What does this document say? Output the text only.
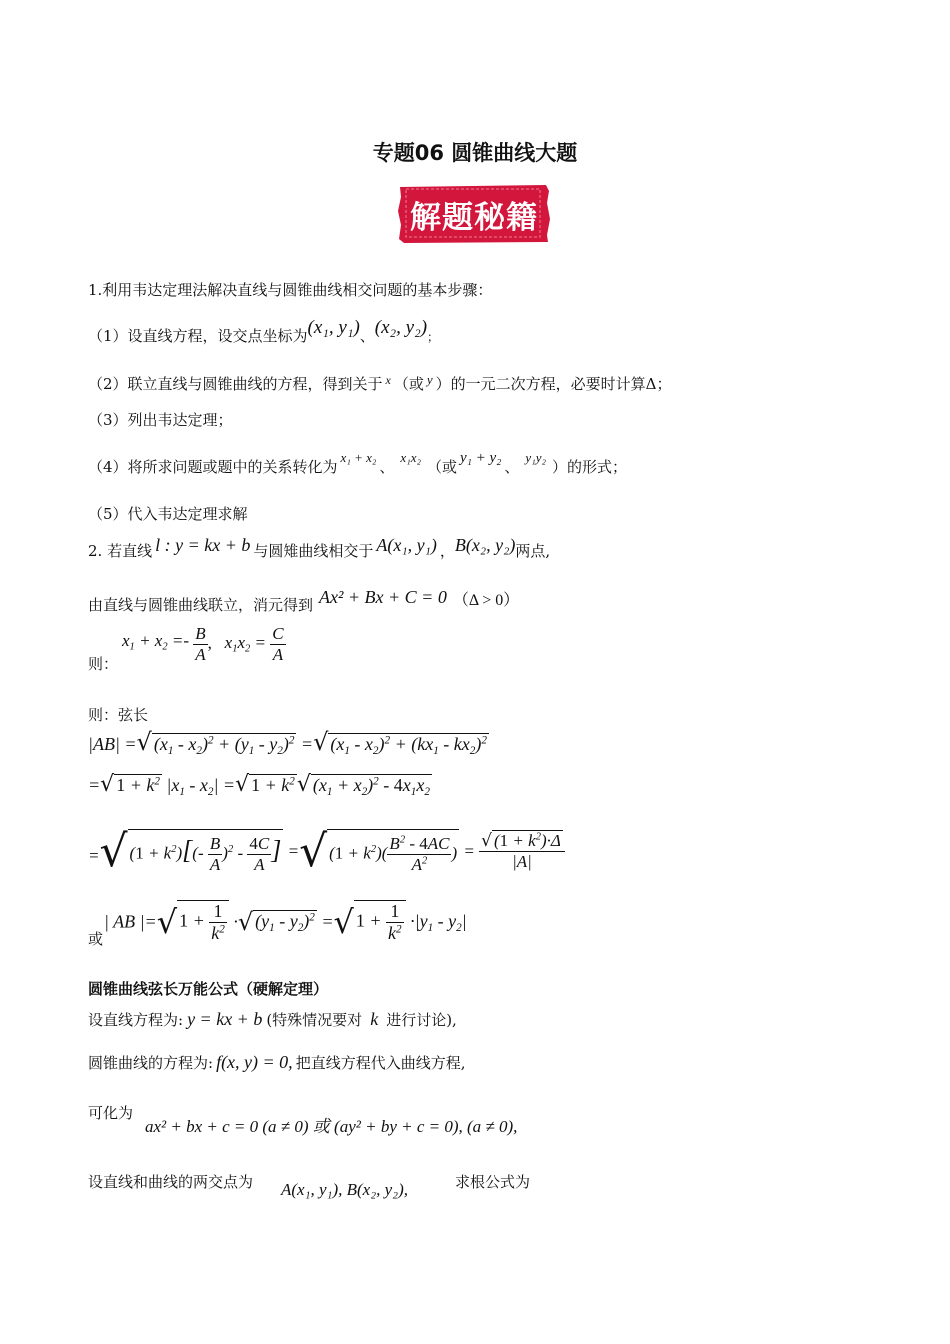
专题06 圆锥曲线大题
解题秘籍
1.利用韦达定理法解决直线与圆锥曲线相交问题的基本步骤：
（1）设直线方程，设交点坐标为(x₁, y₁)、(x₂, y₂)；
（2）联立直线与圆锥曲线的方程，得到关于 $^x$ （或 y ）的一元二次方程，必要时计算Δ；
（3）列出韦达定理；
（4）将所求问题或题中的关系转化为x₁ + x₂、x₁x₂（或 y₁ + y₂ 、y₁y₂）的形式；
（5）代入韦达定理求解
2. 若直线 l : y = kx + b 与圆雉曲线相交于 A(x₁, y₁) ，B(x₂, y₂)两点,
由直线与圆锥曲线联立，消元得到 Ax² + Bx + C = 0 （Δ > 0）
则：
$x_1 + x_2 =- \frac{B}{A}$ ,   $x_1x_2 = \frac{C}{A}$
则：弦长
|AB| =√ $(x_1 - x_2)^2 + (y_1 - y_2)^2$ =√ $(x_1 - x_2)^2 + (kx_1 - kx_2)^2$
=√ $1 + k^2$ $|x_1 - x_2|$ =√ $1 + k^2√$ $(x_1 + x_2)^2 - 4x_1x_2$
=√ $(1 + k^2)[(- \frac{B}{A} )^2 - \frac{4C}{A}$ ] =√ $(1 + k^2)( \frac{B^2 - 4AC}{A^2}$ ) = $\frac{√ (1 + k^2)\cdot\Delta}{|A|}$
或
| AB |=√ $1 + \frac{1}{k^2}$ ·√ $(y_1 - y_2)^2$ =√ $1 + \frac{1}{k^2} \cdot|y_1 - y_2|$
圆锥曲线弦长万能公式（硬解定理）
设直线方程为: y = kx + b (特殊情况要对 k 进行讨论),
圆锥曲线的方程为: f(x, y) = 0, 把直线方程代入曲线方程,
可化为
ax² + bx + c = 0 (a ≠ 0) 或 (ay² + by + c = 0), (a ≠ 0),
设直线和曲线的两交点为 A(x₁, y₁), B(x₂, y₂),	求根公式为
